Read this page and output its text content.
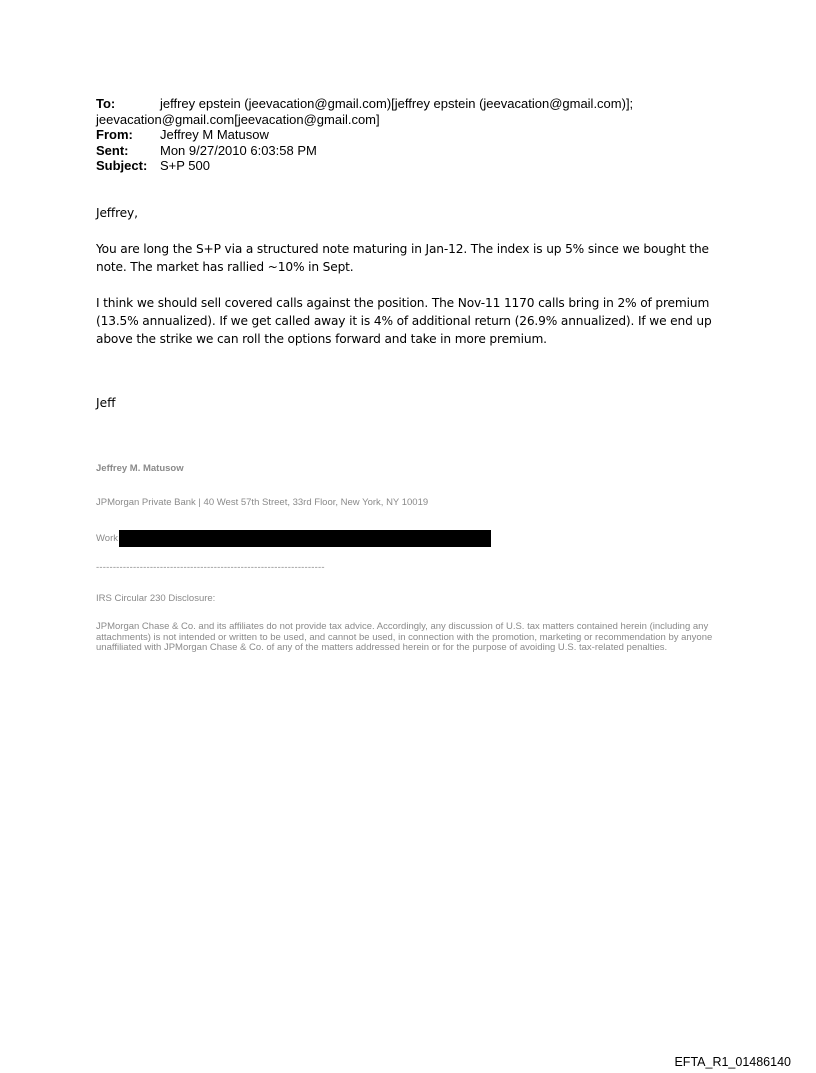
To:	jeffrey epstein (jeevacation@gmail.com)[jeffrey epstein (jeevacation@gmail.com)];
jeevacation@gmail.com[jeevacation@gmail.com]
From:	Jeffrey M Matusow
Sent:	Mon 9/27/2010 6:03:58 PM
Subject: S+P 500

Jeffrey,

You are long the S+P via a structured note maturing in Jan-12. The index is up 5% since we bought the note. The market has rallied ~10% in Sept.

I think we should sell covered calls against the position. The Nov-11 1170 calls bring in 2% of premium (13.5% annualized). If we get called away it is 4% of additional return (26.9% annualized). If we end up above the strike we can roll the options forward and take in more premium.

Jeff
Jeffrey M. Matusow
JPMorgan Private Bank | 40 West 57th Street, 33rd Floor, New York, NY 10019
Work
--------------------------------------------------------------------
IRS Circular 230 Disclosure:
JPMorgan Chase & Co. and its affiliates do not provide tax advice. Accordingly, any discussion of U.S. tax matters contained herein (including any attachments) is not intended or written to be used, and cannot be used, in connection with the promotion, marketing or recommendation by anyone unaffiliated with JPMorgan Chase & Co. of any of the matters addressed herein or for the purpose of avoiding U.S. tax-related penalties.
EFTA_R1_01486140
